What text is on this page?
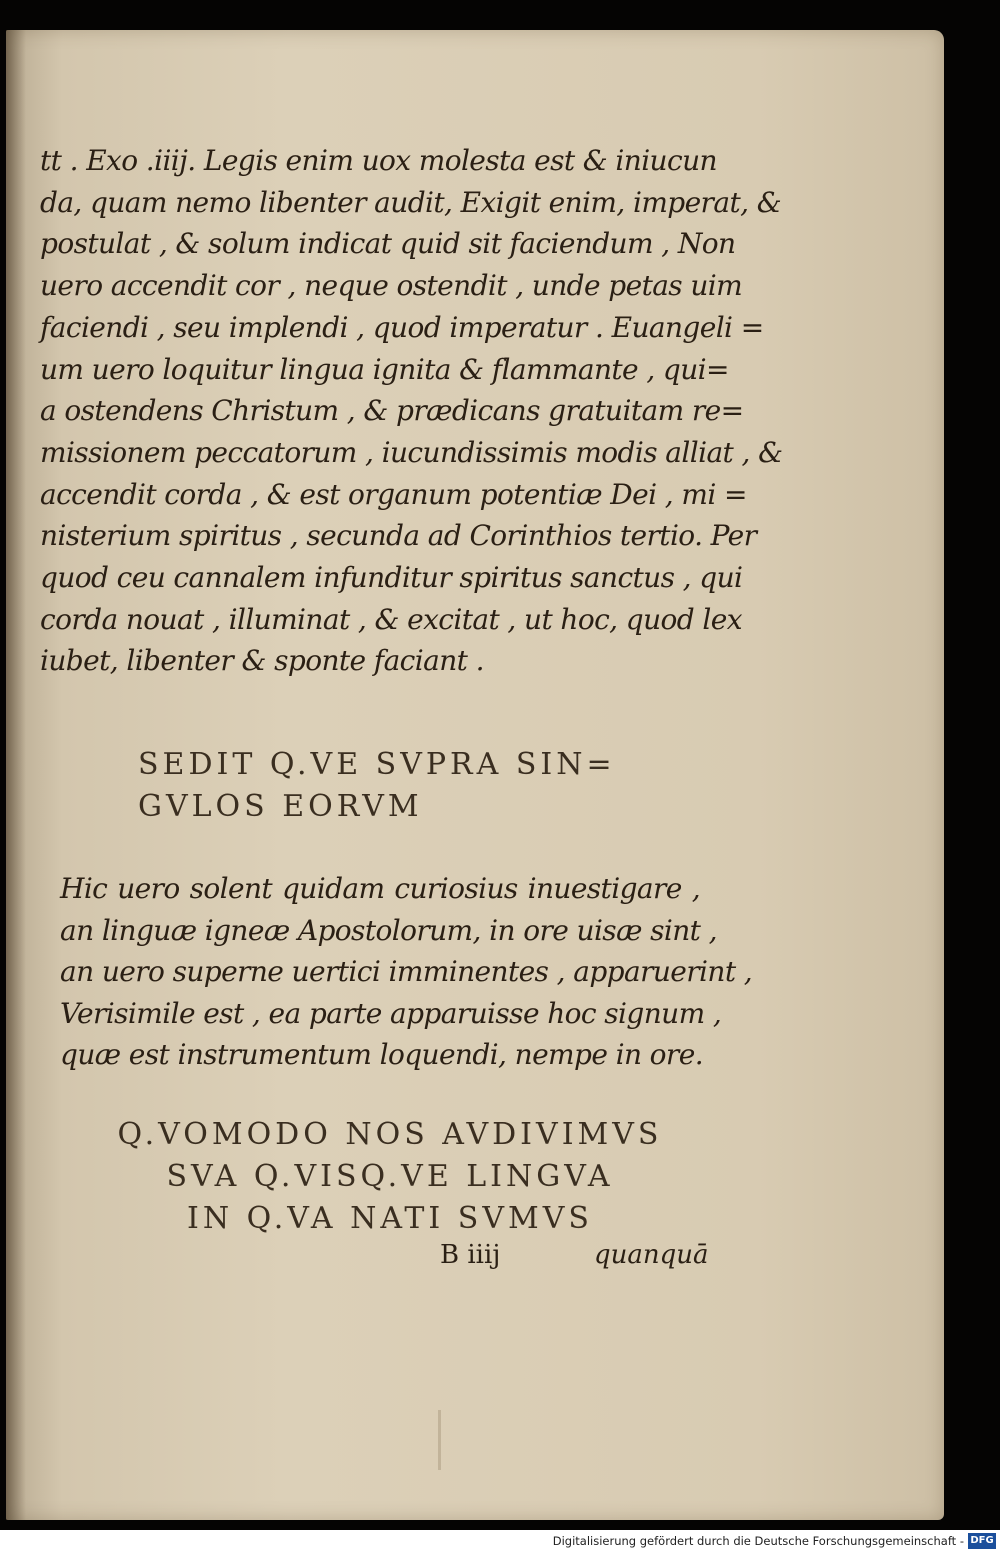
tt . Exo .iiij. Legis enim uox molesta est & iniucun
da, quam nemo libenter audit, Exigit enim, imperat, &
postulat , & solum indicat quid sit faciendum , Non
uero accendit cor , neque ostendit , unde petas uim
faciendi , seu implendi , quod imperatur . Euangeli =
um uero loquitur lingua ignita & flammante , qui=
a ostendens Christum , & prædicans gratuitam re=
missionem peccatorum , iucundissimis modis alliat , &
accendit corda , & est organum potentiæ Dei , mi =
nisterium spiritus , secunda ad Corinthios tertio. Per
quod ceu cannalem infunditur spiritus sanctus , qui
corda nouat , illuminat , & excitat , ut hoc, quod lex
iubet, libenter & sponte faciant .
SEDIT Q.VE SVPRA SIN=
GVLOS EORVM
Hic uero solent quidam curiosius inuestigare ,
an linguæ igneæ Apostolorum, in ore uisæ sint ,
an uero superne uertici imminentes , apparuerint ,
Verisimile est , ea parte apparuisse hoc signum ,
quæ est instrumentum loquendi, nempe in ore.
Q.VOMODO NOS AVDIVIMVS
SVA Q.VISQ.VE LINGVA
IN Q.VA NATI SVMVS
B iiij	quanquā
Digitalisierung gefördert durch die Deutsche Forschungsgemeinschaft - DFG
